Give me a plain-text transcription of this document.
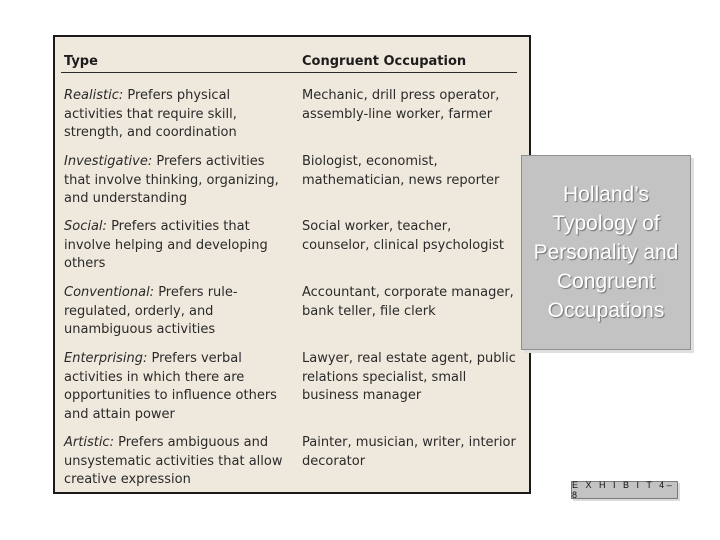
Type	Congruent Occupation
Realistic: Prefers physical activities that require skill, strength, and coordination
Mechanic, drill press operator, assembly-line worker, farmer
Investigative: Prefers activities that involve thinking, organizing, and understanding
Biologist, economist, mathematician, news reporter
Social: Prefers activities that involve helping and developing others
Social worker, teacher, counselor, clinical psychologist
Conventional: Prefers rule-regulated, orderly, and unambiguous activities
Accountant, corporate manager, bank teller, file clerk
Enterprising: Prefers verbal activities in which there are opportunities to influence others and attain power
Lawyer, real estate agent, public relations specialist, small business manager
Artistic: Prefers ambiguous and unsystematic activities that allow creative expression
Painter, musician, writer, interior decorator
Holland’s Typology of Personality and Congruent Occupations
E X H I B I T 4–8
